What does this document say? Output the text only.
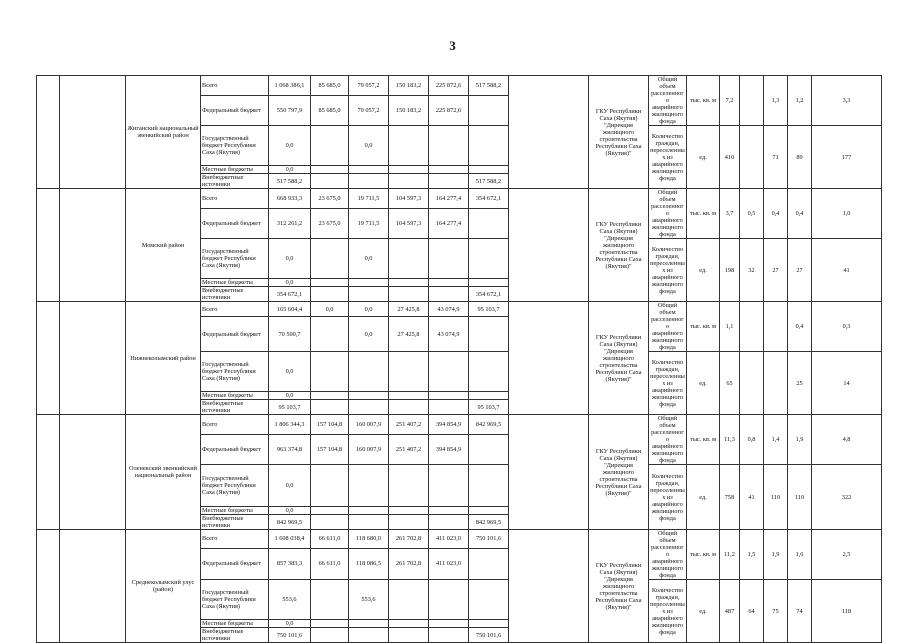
3
		Жиганский национальный эвенкийский район	Всего	1 068 386,1	85 685,0	79 057,2	150 183,2	225 872,6	517 588,2		ГКУ Республики Саха (Якутия) "Дирекция жилищного строительства Республики Саха (Якутия)"	Общий объем расселенного аварийного жилищного фонда	тыс. кв. м	7,2		1,3	1,2	3,3	
			Федеральный бюджет	550 797,9	85 685,0	79 057,2	150 183,2	225 872,6											
			Государственный бюджет Республики Саха (Якутия)	0,0		0,0						Количество граждан, переселенных из аварийного жилищного фонда	ед.	410		71	89	177	
			Местные бюджеты	0,0															
			Внебюджетные источники	517 588,2					517 588,2										
		Момский район	Всего	668 933,3	23 675,0	19 711,5	104 597,3	164 277,4	354 672,1		ГКУ Республики Саха (Якутия) "Дирекция жилищного строительства Республики Саха (Якутия)"	Общий объем расселенного аварийного жилищного фонда	тыс. кв. м	3,7	0,5	0,4	0,4	1,0	
			Федеральный бюджет	312 261,2	23 675,0	19 711,5	104 597,3	164 277,4											
			Государственный бюджет Республики Саха (Якутия)	0,0		0,0						Количество граждан, переселенных из аварийного жилищного фонда	ед.	198	32	27	27	41	
			Местные бюджеты	0,0															
			Внебюджетные источники	354 672,1					354 672,1										
		Нижнеколымский район	Всего	165 604,4	0,0	0,0	27 425,8	43 074,9	95 103,7		ГКУ Республики Саха (Якутия) "Дирекция жилищного строительства Республики Саха (Якутия)"	Общий объем расселенного аварийного жилищного фонда	тыс. кв. м	1,1			0,4	0,3	
			Федеральный бюджет	70 500,7		0,0	27 425,8	43 074,9											
			Государственный бюджет Республики Саха (Якутия)	0,0								Количество граждан, переселенных из аварийного жилищного фонда	ед.	65			25	14	
			Местные бюджеты	0,0															
			Внебюджетные источники	95 103,7					95 103,7										
		Оленекский эвенкийский национальный район	Всего	1 806 344,3	157 104,8	160 007,9	251 407,2	394 854,9	842 969,5		ГКУ Республики Саха (Якутия) "Дирекция жилищного строительства Республики Саха (Якутия)"	Общий объем расселенного аварийного жилищного фонда	тыс. кв. м	11,3	0,8	1,4	1,9	4,8	
			Федеральный бюджет	963 374,8	157 104,8	160 007,9	251 407,2	394 854,9											
			Государственный бюджет Республики Саха (Якутия)	0,0								Количество граждан, переселенных из аварийного жилищного фонда	ед.	758	41	110	110	322	
			Местные бюджеты	0,0															
			Внебюджетные источники	842 969,5					842 969,5										
		Среднеколымский улус (район)	Всего	1 608 038,4	66 611,0	118 680,0	261 702,8	411 023,0	750 101,6		ГКУ Республики Саха (Якутия) "Дирекция жилищного строительства Республики Саха (Якутия)"	Общий объем расселенного аварийного жилищного фонда	тыс. кв. м	11,2	1,5	1,9	1,6	2,5	
			Федеральный бюджет	857 383,3	66 611,0	118 086,5	261 702,8	411 023,0											
			Государственный бюджет Республики Саха (Якутия)	553,6		553,6						Количество граждан, переселенных из аварийного жилищного фонда	ед.	487	64	75	74	118	
			Местные бюджеты	0,0															
			Внебюджетные источники	750 101,6					750 101,6										
